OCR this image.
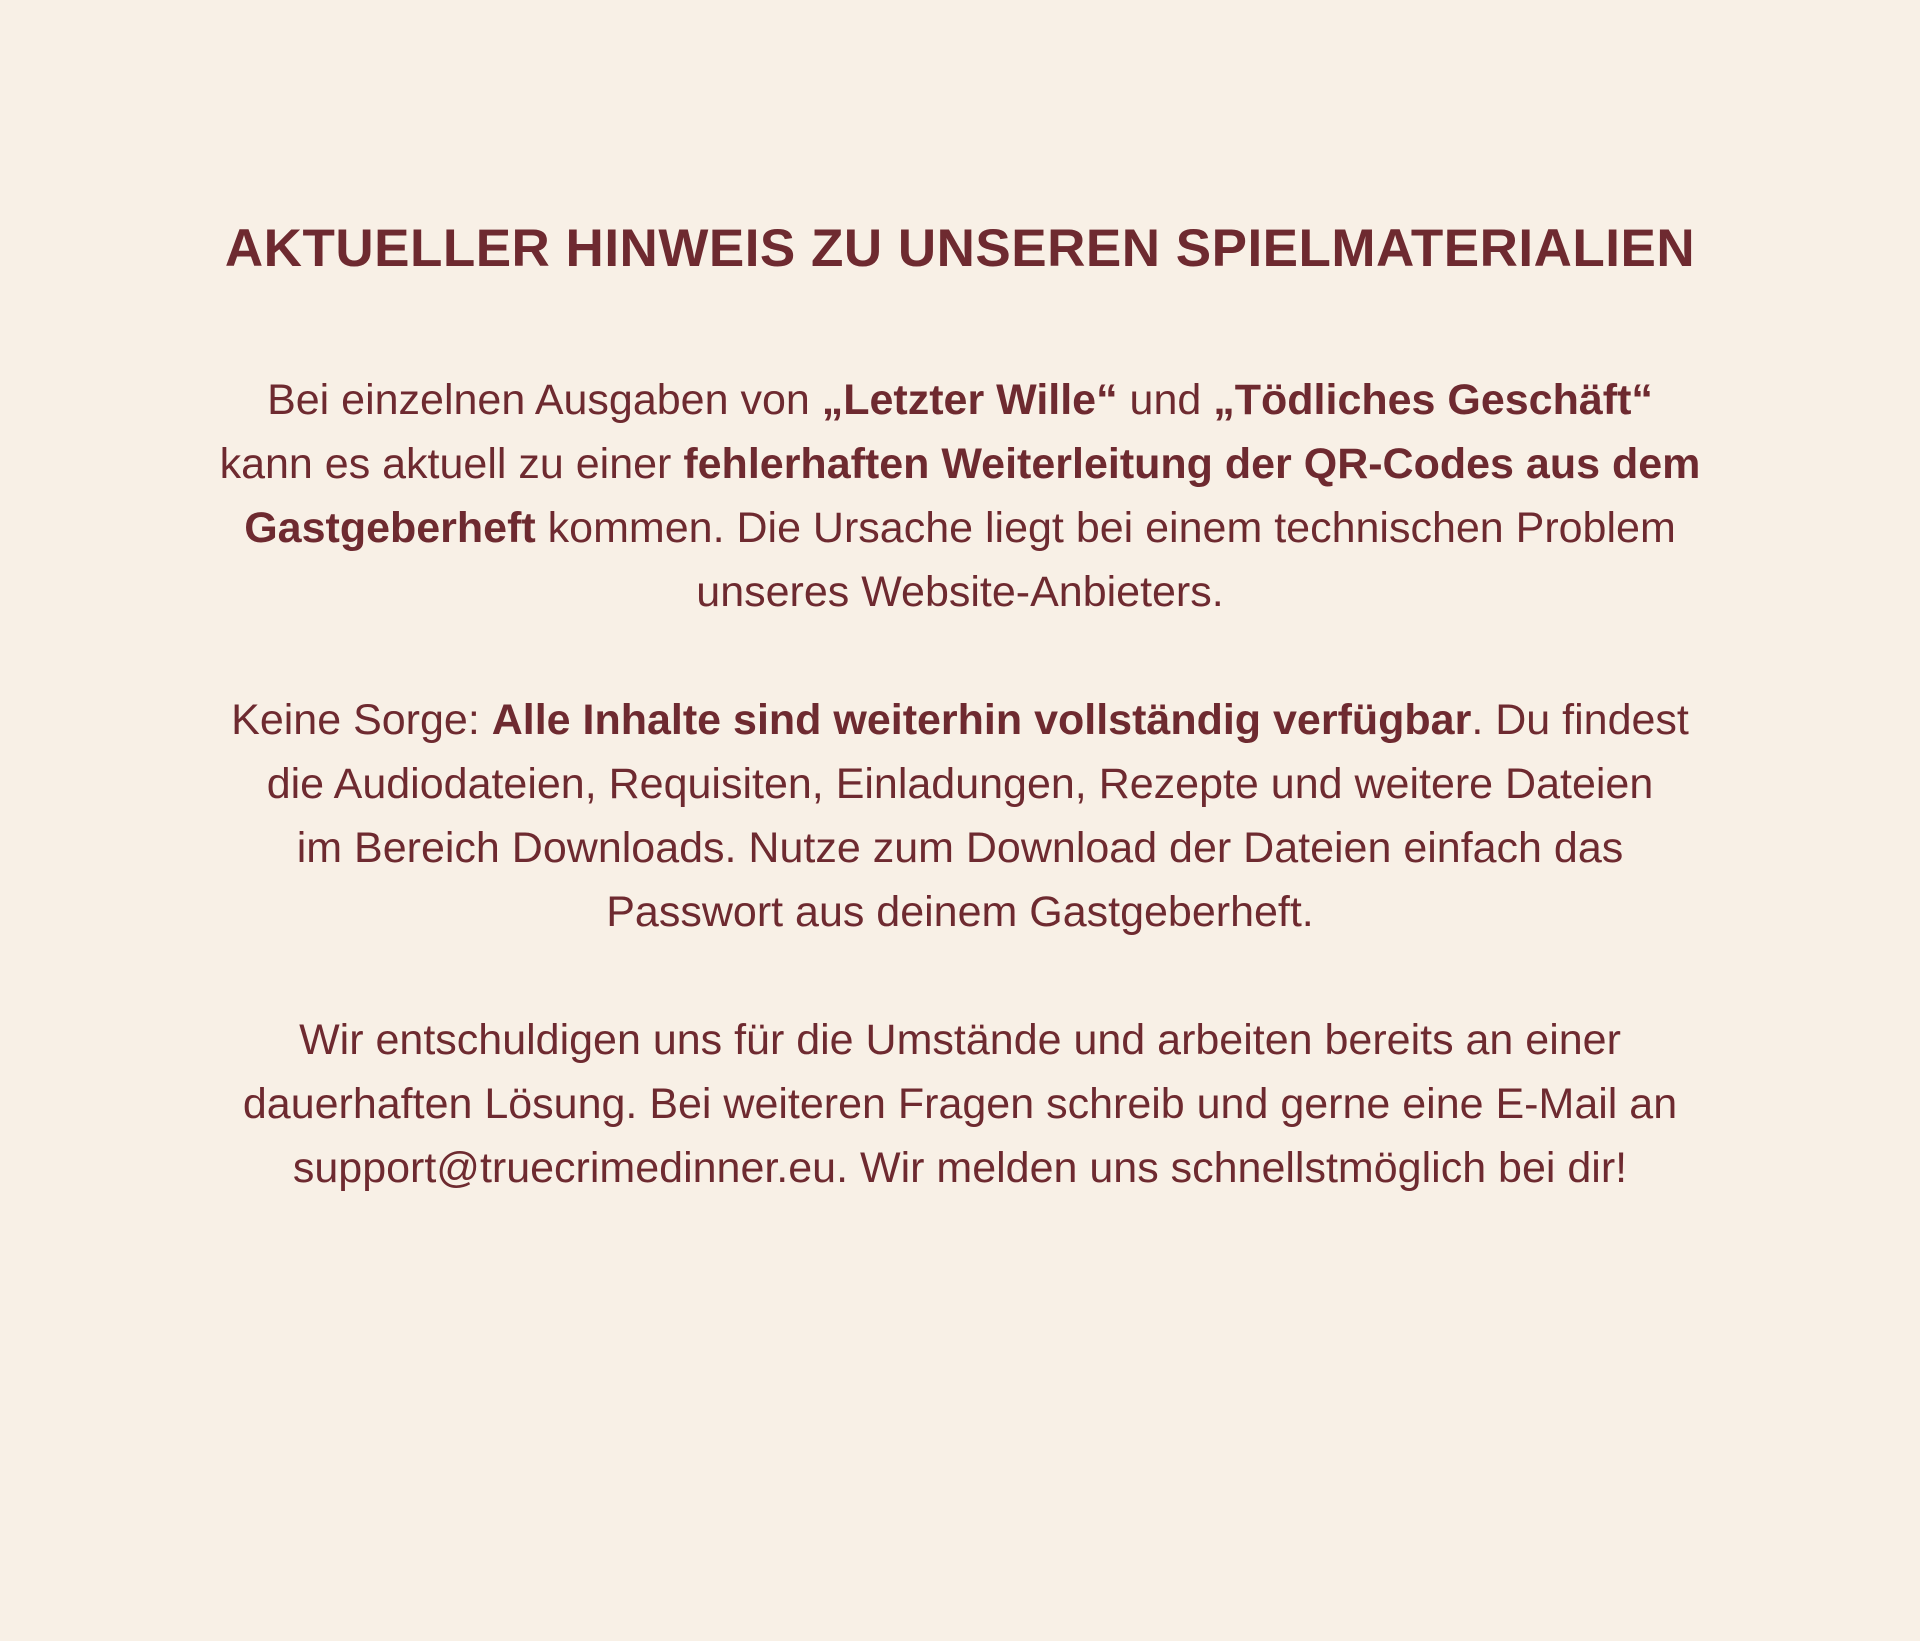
AKTUELLER HINWEIS ZU UNSEREN SPIELMATERIALIEN

Bei einzelnen Ausgaben von „Letzter Wille“ und „Tödliches Geschäft“
kann es aktuell zu einer fehlerhaften Weiterleitung der QR-Codes aus dem
Gastgeberheft kommen. Die Ursache liegt bei einem technischen Problem
unseres Website-Anbieters.

Keine Sorge: Alle Inhalte sind weiterhin vollständig verfügbar. Du findest
die Audiodateien, Requisiten, Einladungen, Rezepte und weitere Dateien
im Bereich Downloads. Nutze zum Download der Dateien einfach das
Passwort aus deinem Gastgeberheft.

Wir entschuldigen uns für die Umstände und arbeiten bereits an einer
dauerhaften Lösung. Bei weiteren Fragen schreib und gerne eine E-Mail an
support@truecrimedinner.eu. Wir melden uns schnellstmöglich bei dir!
